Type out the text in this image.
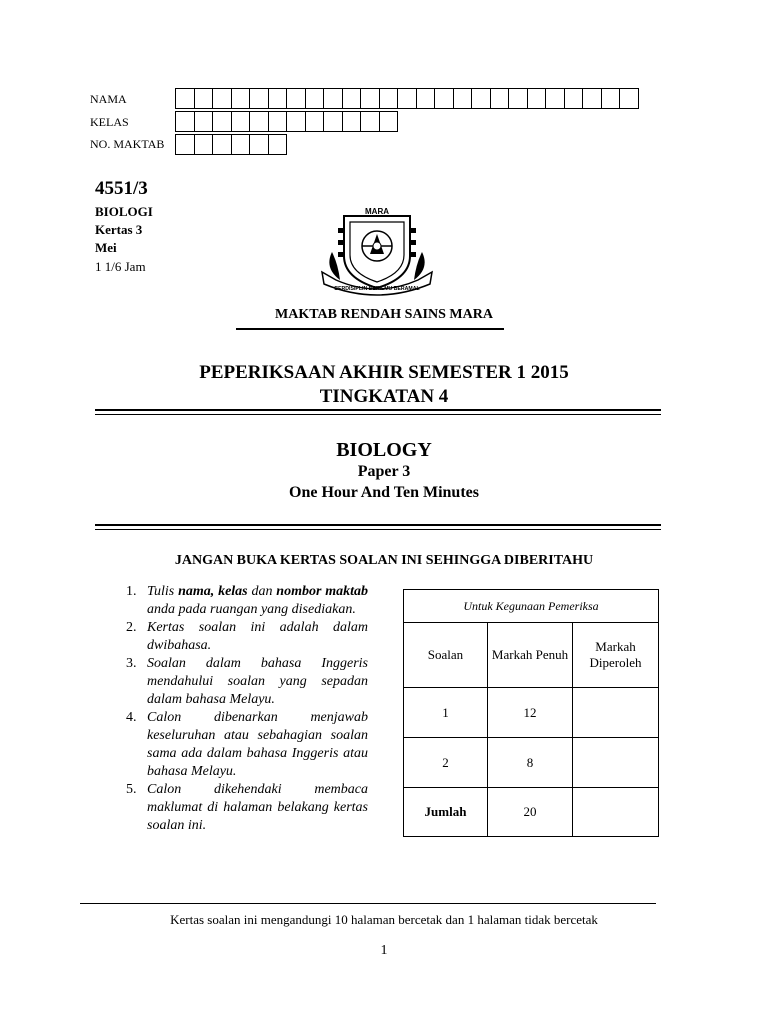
NAMA
KELAS
NO. MAKTAB
4551/3
BIOLOGI
Kertas 3
Mei
1 1/6 Jam
MARA
BERDISIPLIN BERILMU BERAMAL
MAKTAB RENDAH SAINS MARA
PEPERIKSAAN AKHIR SEMESTER 1 2015
TINGKATAN 4
BIOLOGY
Paper 3
One Hour And Ten Minutes
JANGAN BUKA KERTAS SOALAN INI SEHINGGA DIBERITAHU
1. Tulis nama, kelas dan nombor maktab anda pada ruangan yang disediakan.
2. Kertas soalan ini adalah dalam dwibahasa.
3. Soalan dalam bahasa Inggeris mendahului soalan yang sepadan dalam bahasa Melayu.
4. Calon dibenarkan menjawab keseluruhan atau sebahagian soalan sama ada dalam bahasa Inggeris atau bahasa Melayu.
5. Calon dikehendaki membaca maklumat di halaman belakang kertas soalan ini.
Untuk Kegunaan Pemeriksa		
Soalan	Markah Penuh	Markah Diperoleh
1	12	
2	8	
Jumlah	20	
Kertas soalan ini mengandungi 10 halaman bercetak dan 1 halaman tidak bercetak
1
